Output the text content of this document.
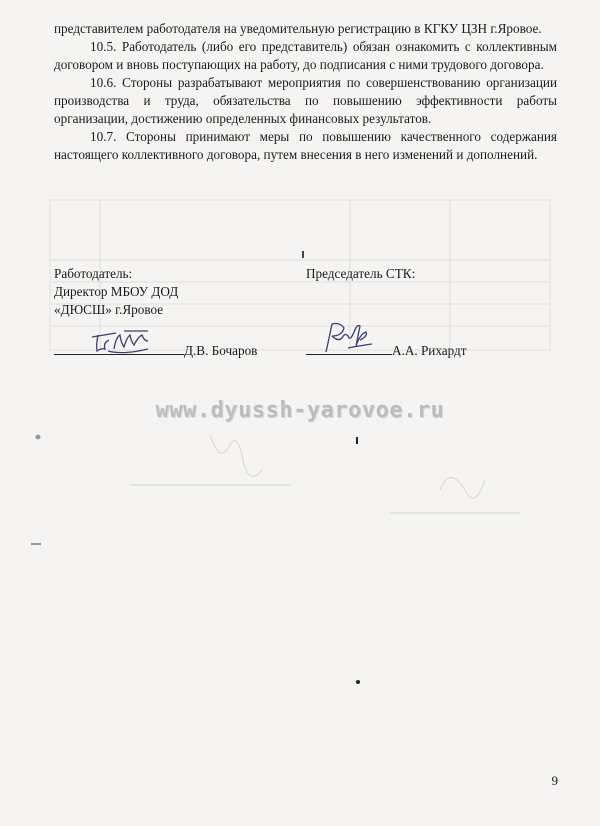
представителем работодателя на уведомительную регистрацию в КГКУ ЦЗН г.Яровое.

10.5. Работодатель (либо его представитель) обязан ознакомить с коллективным договором и вновь поступающих на работу, до подписания с ними трудового договора.

10.6. Стороны разрабатывают мероприятия по совершенствованию организации производства и труда, обязательства по повышению эффективности работы организации, достижению определенных финансовых результатов.

10.7. Стороны принимают меры по повышению качественного содержания настоящего коллективного договора, путем внесения в него изменений и дополнений.

Работодатель:
Директор МБОУ ДОД
«ДЮСШ» г.Яровое
Председатель СТК:
Д.В. Бочаров	А.А. Рихардт
www.dyussh-yarovoe.ru
9
